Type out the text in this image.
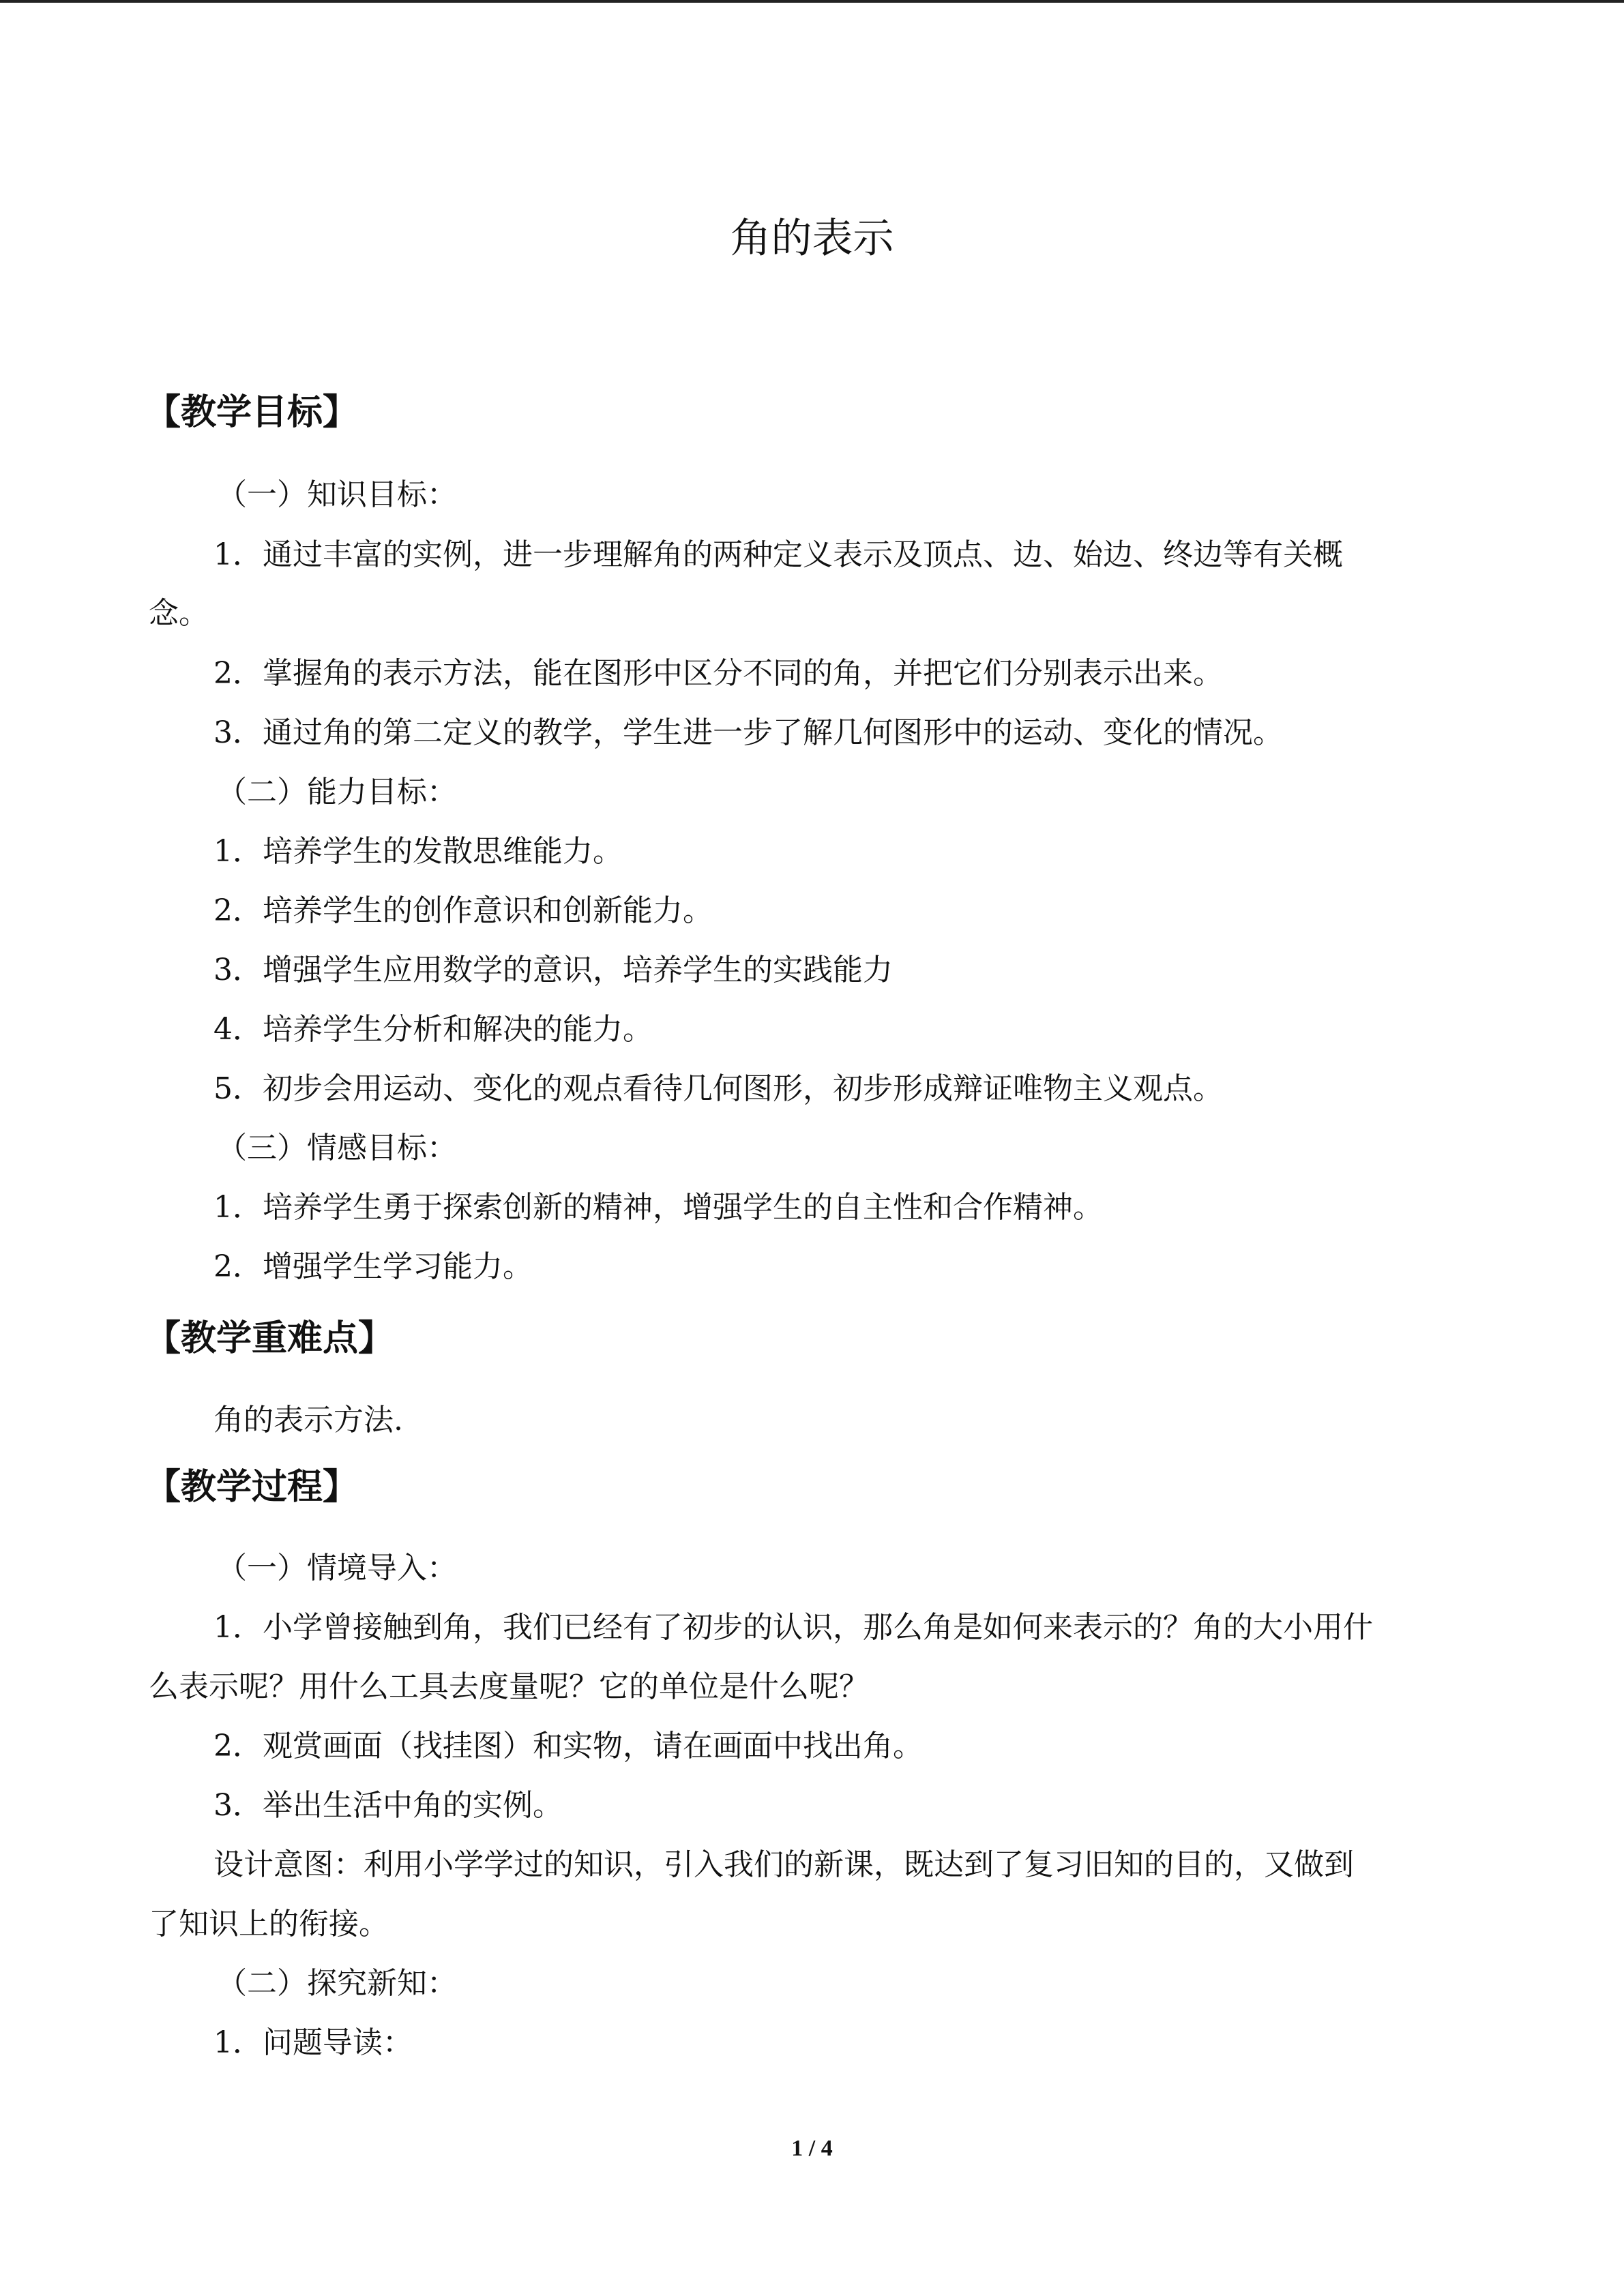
角的表示
【教学目标】
（一）知识目标：
1．通过丰富的实例，进一步理解角的两种定义表示及顶点、边、始边、终边等有关概
念。
2．掌握角的表示方法，能在图形中区分不同的角，并把它们分别表示出来。
3．通过角的第二定义的教学，学生进一步了解几何图形中的运动、变化的情况。
（二）能力目标：
1．培养学生的发散思维能力。
2．培养学生的创作意识和创新能力。
3．增强学生应用数学的意识，培养学生的实践能力
4．培养学生分析和解决的能力。
5．初步会用运动、变化的观点看待几何图形，初步形成辩证唯物主义观点。
（三）情感目标：
1．培养学生勇于探索创新的精神，增强学生的自主性和合作精神。
2．增强学生学习能力。
【教学重难点】
角的表示方法.
【教学过程】
（一）情境导入：
1．小学曾接触到角，我们已经有了初步的认识，那么角是如何来表示的？角的大小用什
么表示呢？用什么工具去度量呢？它的单位是什么呢？
2．观赏画面（找挂图）和实物，请在画面中找出角。
3．举出生活中角的实例。
设计意图：利用小学学过的知识，引入我们的新课，既达到了复习旧知的目的，又做到
了知识上的衔接。
（二）探究新知：
1．问题导读：
1 / 4
